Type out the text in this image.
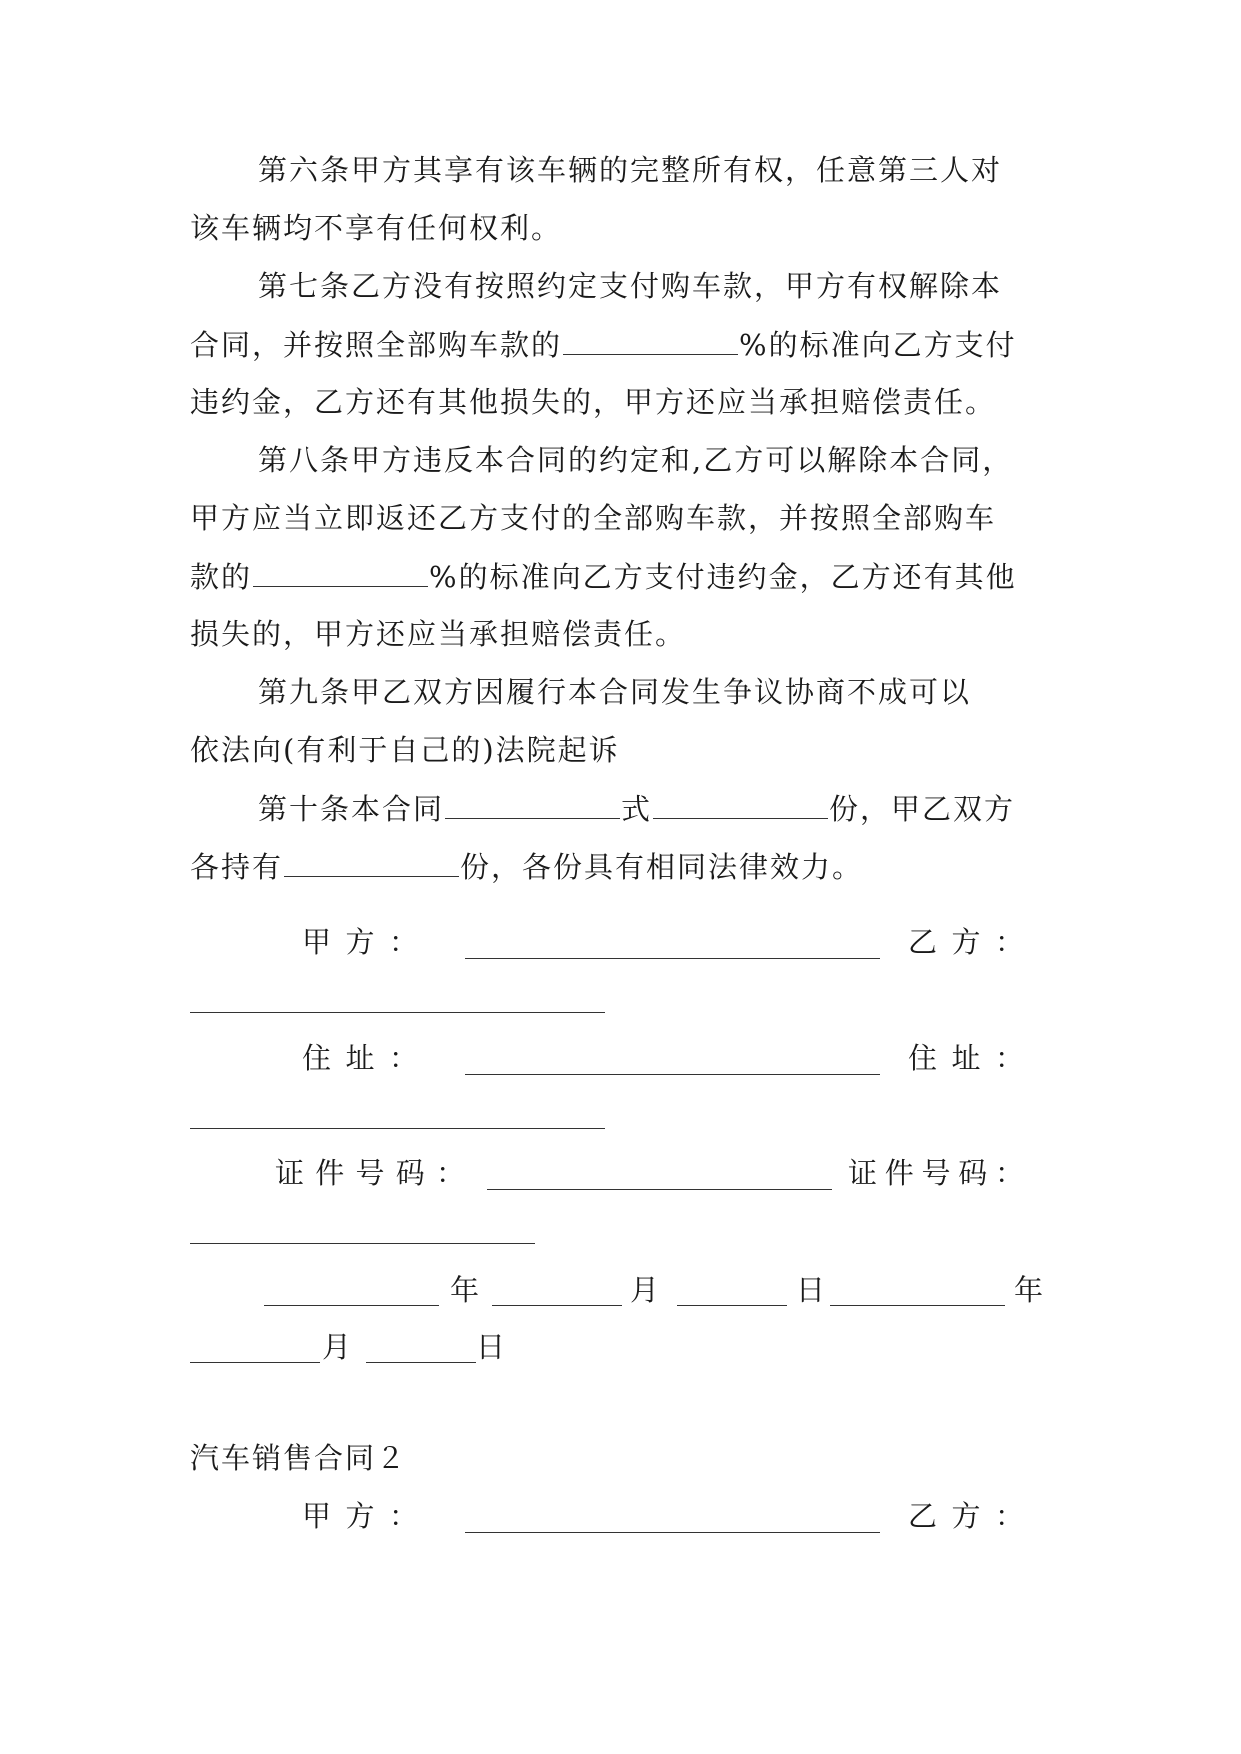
第六条甲方其享有该车辆的完整所有权，任意第三人对
该车辆均不享有任何权利。
第七条乙方没有按照约定支付购车款，甲方有权解除本
合同，并按照全部购车款的	%的标准向乙方支付
违约金，乙方还有其他损失的，甲方还应当承担赔偿责任。
第八条甲方违反本合同的约定和,乙方可以解除本合同，
甲方应当立即返还乙方支付的全部购车款，并按照全部购车
款的	%的标准向乙方支付违约金，乙方还有其他
损失的，甲方还应当承担赔偿责任。
第九条甲乙双方因履行本合同发生争议协商不成可以
依法向(有利于自己的)法院起诉
第十条本合同	式	份，甲乙双方
各持有	份，各份具有相同法律效力。
甲 方 ：	乙 方 ：
住 址 ：	住 址 ：
证 件 号 码 ：	证 件 号 码 ：
年	月	日	年
月	日
汽车销售合同２
甲 方 ：	乙 方 ：
